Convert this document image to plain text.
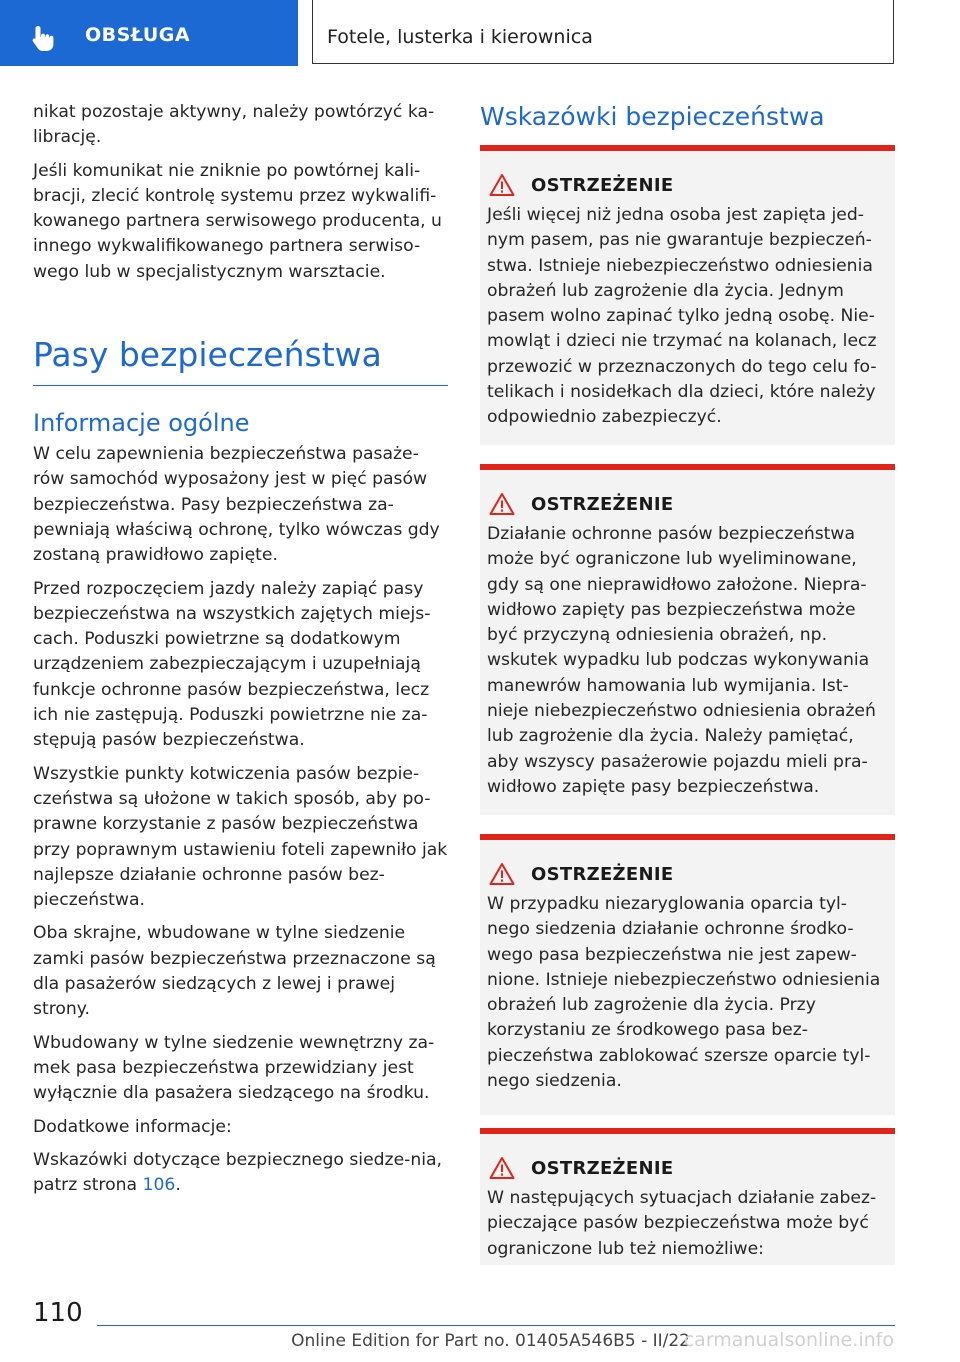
OBSŁUGA	Fotele, lusterka i kierownica

nikat pozostaje aktywny, należy powtórzyć ka-librację.

Jeśli komunikat nie zniknie po powtórnej kali-bracji, zlecić kontrolę systemu przez wykwalifi-kowanego partnera serwisowego producenta, u innego wykwalifikowanego partnera serwiso-wego lub w specjalistycznym warsztacie.

Pasy bezpieczeństwa
Informacje ogólne

W celu zapewnienia bezpieczeństwa pasaże-rów samochód wyposażony jest w pięć pasów bezpieczeństwa. Pasy bezpieczeństwa za-pewniają właściwą ochronę, tylko wówczas gdy zostaną prawidłowo zapięte.

Przed rozpoczęciem jazdy należy zapiąć pasy bezpieczeństwa na wszystkich zajętych miejs-cach. Poduszki powietrzne są dodatkowym urządzeniem zabezpieczającym i uzupełniają funkcje ochronne pasów bezpieczeństwa, lecz ich nie zastępują. Poduszki powietrzne nie za-stępują pasów bezpieczeństwa.

Wszystkie punkty kotwiczenia pasów bezpie-czeństwa są ułożone w takich sposób, aby po-prawne korzystanie z pasów bezpieczeństwa przy poprawnym ustawieniu foteli zapewniło jak najlepsze działanie ochronne pasów bez-pieczeństwa.

Oba skrajne, wbudowane w tylne siedzenie zamki pasów bezpieczeństwa przeznaczone są dla pasażerów siedzących z lewej i prawej strony.

Wbudowany w tylne siedzenie wewnętrzny za-mek pasa bezpieczeństwa przewidziany jest wyłącznie dla pasażera siedzącego na środku.

Dodatkowe informacje:

Wskazówki dotyczące bezpiecznego siedze-nia, patrz strona 106.

Wskazówki bezpieczeństwa
OSTRZEŻENIE

Jeśli więcej niż jedna osoba jest zapięta jed-nym pasem, pas nie gwarantuje bezpieczeń-stwa. Istnieje niebezpieczeństwo odniesienia obrażeń lub zagrożenie dla życia. Jednym pasem wolno zapinać tylko jedną osobę. Nie-mowląt i dzieci nie trzymać na kolanach, lecz przewozić w przeznaczonych do tego celu fo-telikach i nosidełkach dla dzieci, które należy odpowiednio zabezpieczyć.

OSTRZEŻENIE

Działanie ochronne pasów bezpieczeństwa może być ograniczone lub wyeliminowane, gdy są one nieprawidłowo założone. Niepra-widłowo zapięty pas bezpieczeństwa może być przyczyną odniesienia obrażeń, np. wskutek wypadku lub podczas wykonywania manewrów hamowania lub wymijania. Ist-nieje niebezpieczeństwo odniesienia obrażeń lub zagrożenie dla życia. Należy pamiętać, aby wszyscy pasażerowie pojazdu mieli pra-widłowo zapięte pasy bezpieczeństwa.

OSTRZEŻENIE

W przypadku niezaryglowania oparcia tyl-nego siedzenia działanie ochronne środko-wego pasa bezpieczeństwa nie jest zapew-nione. Istnieje niebezpieczeństwo odniesienia obrażeń lub zagrożenie dla życia. Przy korzystaniu ze środkowego pasa bez-pieczeństwa zablokować szersze oparcie tyl-nego siedzenia.

OSTRZEŻENIE

W następujących sytuacjach działanie zabez-pieczające pasów bezpieczeństwa może być ograniczone lub też niemożliwe:

110
Online Edition for Part no. 01405A546B5 - II/22
carmanualsonline.info
